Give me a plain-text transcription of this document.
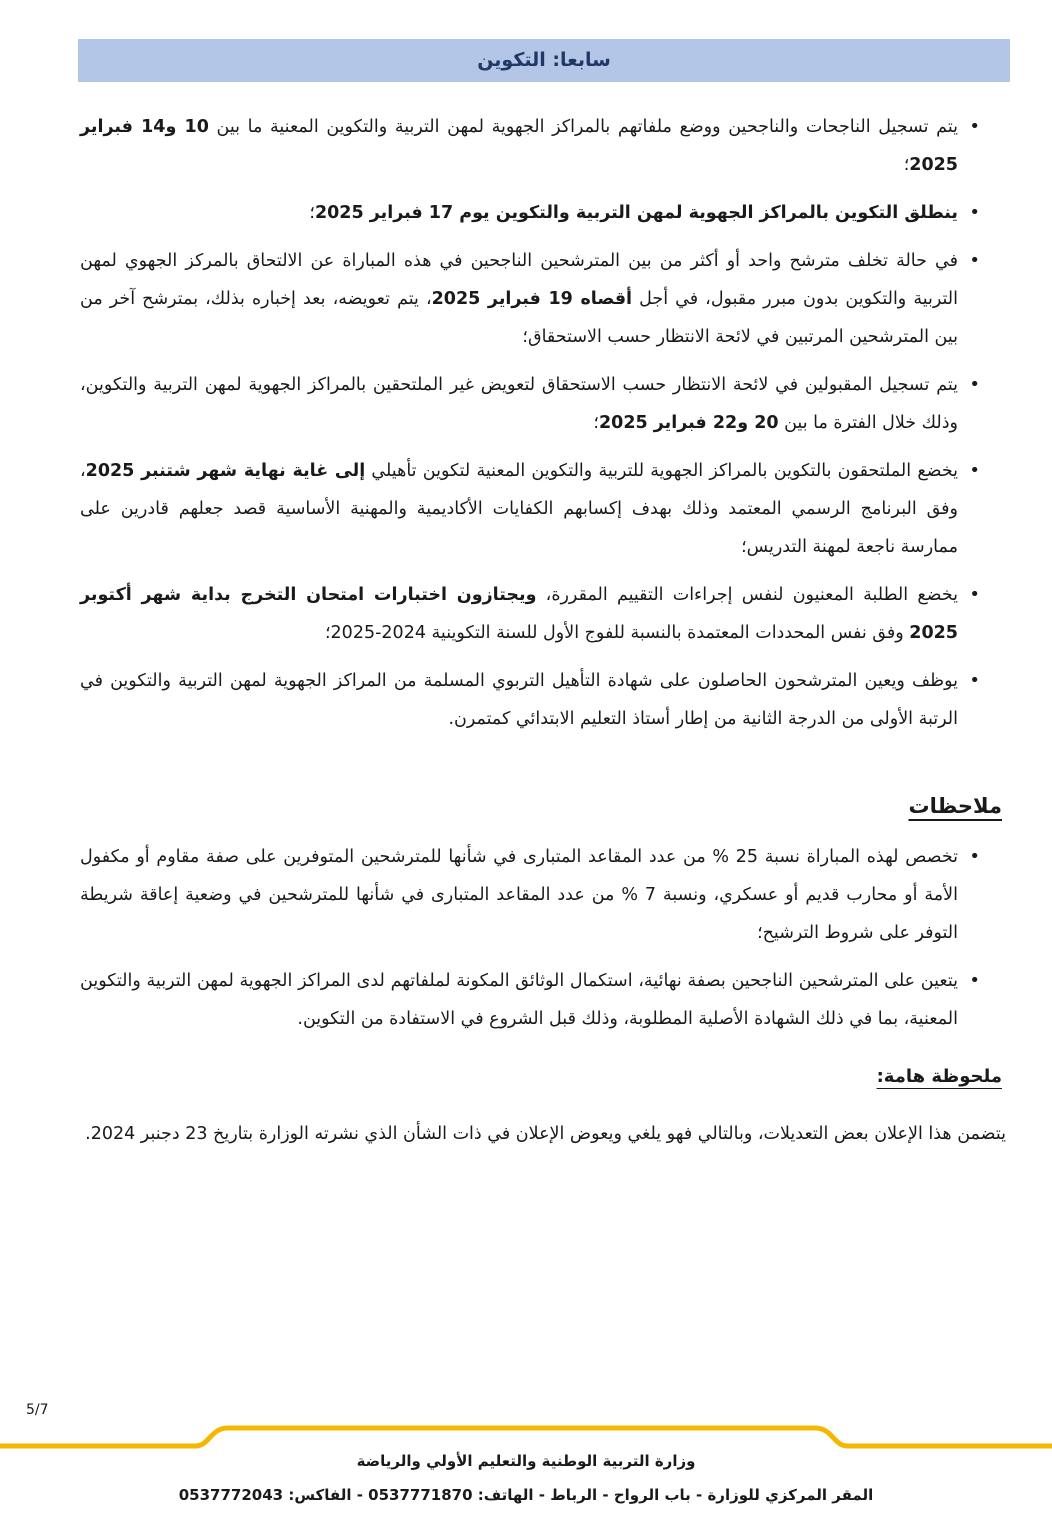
سابعا: التكوين
• يتم تسجيل الناجحات والناجحين ووضع ملفاتهم بالمراكز الجهوية لمهن التربية والتكوين المعنية ما بين 10 و14 فبراير 2025؛
• ينطلق التكوين بالمراكز الجهوية لمهن التربية والتكوين يوم 17 فبراير 2025؛
• في حالة تخلف مترشح واحد أو أكثر من بين المترشحين الناجحين في هذه المباراة عن الالتحاق بالمركز الجهوي لمهن التربية والتكوين بدون مبرر مقبول، في أجل أقصاه 19 فبراير 2025، يتم تعويضه، بعد إخباره بذلك، بمترشح آخر من بين المترشحين المرتبين في لائحة الانتظار حسب الاستحقاق؛
• يتم تسجيل المقبولين في لائحة الانتظار حسب الاستحقاق لتعويض غير الملتحقين بالمراكز الجهوية لمهن التربية والتكوين، وذلك خلال الفترة ما بين 20 و22 فبراير 2025؛
• يخضع الملتحقون بالتكوين بالمراكز الجهوية للتربية والتكوين المعنية لتكوين تأهيلي إلى غاية نهاية شهر شتنبر 2025، وفق البرنامج الرسمي المعتمد وذلك بهدف إكسابهم الكفايات الأكاديمية والمهنية الأساسية قصد جعلهم قادرين على ممارسة ناجعة لمهنة التدريس؛
• يخضع الطلبة المعنيون لنفس إجراءات التقييم المقررة، ويجتازون اختبارات امتحان التخرج بداية شهر أكتوبر 2025 وفق نفس المحددات المعتمدة بالنسبة للفوج الأول للسنة التكوينية 2024-2025؛
• يوظف ويعين المترشحون الحاصلون على شهادة التأهيل التربوي المسلمة من المراكز الجهوية لمهن التربية والتكوين في الرتبة الأولى من الدرجة الثانية من إطار أستاذ التعليم الابتدائي كمتمرن.
ملاحظات
• تخصص لهذه المباراة نسبة 25 % من عدد المقاعد المتبارى في شأنها للمترشحين المتوفرين على صفة مقاوم أو مكفول الأمة أو محارب قديم أو عسكري، ونسبة 7 % من عدد المقاعد المتبارى في شأنها للمترشحين في وضعية إعاقة شريطة التوفر على شروط الترشيح؛
• يتعين على المترشحين الناجحين بصفة نهائية، استكمال الوثائق المكونة لملفاتهم لدى المراكز الجهوية لمهن التربية والتكوين المعنية، بما في ذلك الشهادة الأصلية المطلوبة، وذلك قبل الشروع في الاستفادة من التكوين.
ملحوظة هامة:
يتضمن هذا الإعلان بعض التعديلات، وبالتالي فهو يلغي ويعوض الإعلان في ذات الشأن الذي نشرته الوزارة بتاريخ 23 دجنبر 2024.
5/7
وزارة التربية الوطنية والتعليم الأولي والرياضة
المقر المركزي للوزارة - باب الرواح - الرباط - الهاتف: 0537771870 - الفاكس: 0537772043
